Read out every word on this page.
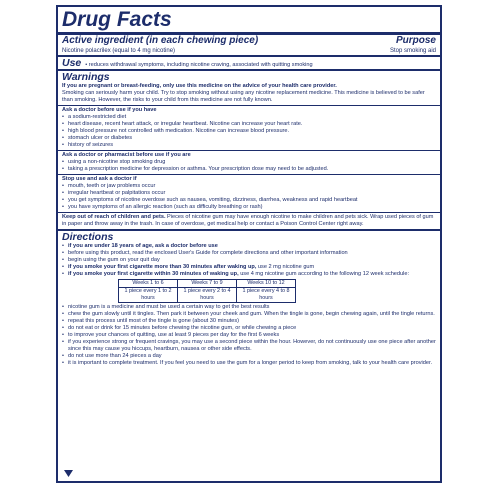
Drug Facts
Active ingredient (in each chewing piece)	Purpose
Nicotine polacrilex (equal to 4 mg nicotine)	Stop smoking aid
Use • reduces withdrawal symptoms, including nicotine craving, associated with quitting smoking
Warnings
If you are pregnant or breast-feeding, only use this medicine on the advice of your health care provider.
Smoking can seriously harm your child. Try to stop smoking without using any nicotine replacement medicine. This medicine is believed to be safer than smoking. However, the risks to your child from this medicine are not fully known.
Ask a doctor before use if you have
• a sodium-restricted diet
• heart disease, recent heart attack, or irregular heartbeat. Nicotine can increase your heart rate.
• high blood pressure not controlled with medication. Nicotine can increase blood pressure.
• stomach ulcer or diabetes
• history of seizures
Ask a doctor or pharmacist before use if you are
• using a non-nicotine stop smoking drug
• taking a prescription medicine for depression or asthma. Your prescription dose may need to be adjusted.
Stop use and ask a doctor if
• mouth, teeth or jaw problems occur
• irregular heartbeat or palpitations occur
• you get symptoms of nicotine overdose such as nausea, vomiting, dizziness, diarrhea, weakness and rapid heartbeat
• you have symptoms of an allergic reaction (such as difficulty breathing or rash)
Keep out of reach of children and pets. Pieces of nicotine gum may have enough nicotine to make children and pets sick. Wrap used pieces of gum in paper and throw away in the trash. In case of overdose, get medical help or contact a Poison Control Center right away.
Directions
• if you are under 18 years of age, ask a doctor before use
• before using this product, read the enclosed User's Guide for complete directions and other important information
• begin using the gum on your quit day
• if you smoke your first cigarette more than 30 minutes after waking up, use 2 mg nicotine gum
• if you smoke your first cigarette within 30 minutes of waking up, use 4 mg nicotine gum according to the following 12 week schedule:
Weeks 1 to 6	Weeks 7 to 9	Weeks 10 to 12
1 piece every 1 to 2 hours	1 piece every 2 to 4 hours	1 piece every 4 to 8 hours
• nicotine gum is a medicine and must be used a certain way to get the best results
• chew the gum slowly until it tingles. Then park it between your cheek and gum. When the tingle is gone, begin chewing again, until the tingle returns.
• repeat this process until most of the tingle is gone (about 30 minutes)
• do not eat or drink for 15 minutes before chewing the nicotine gum, or while chewing a piece
• to improve your chances of quitting, use at least 9 pieces per day for the first 6 weeks
• if you experience strong or frequent cravings, you may use a second piece within the hour. However, do not continuously use one piece after another since this may cause you hiccups, heartburn, nausea or other side effects.
• do not use more than 24 pieces a day
• it is important to complete treatment. If you feel you need to use the gum for a longer period to keep from smoking, talk to your health care provider.
